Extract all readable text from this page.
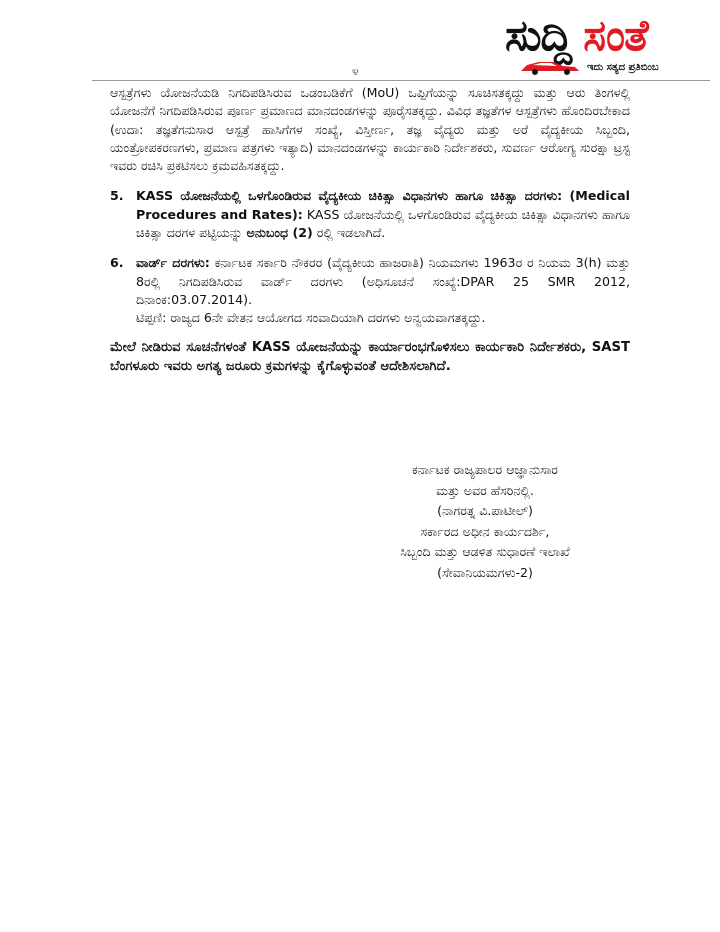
ಸುದ್ದಿ ಸಂತೆ
ಇದು ಸತ್ಯದ ಪ್ರತಿಬಿಂಬ
೪

ಆಸ್ಪತ್ರೆಗಳು ಯೋಜನೆಯಡಿ ನಿಗದಿಪಡಿಸಿರುವ ಒಡಂಬಡಿಕೆಗೆ (MoU) ಒಪ್ಪಿಗೆಯನ್ನು ಸೂಚಿಸತಕ್ಕದ್ದು ಮತ್ತು ಆರು ತಿಂಗಳಲ್ಲಿ ಯೋಜನೆಗೆ ನಿಗದಿಪಡಿಸಿರುವ ಪೂರ್ಣ ಪ್ರಮಾಣದ ಮಾನದಂಡಗಳನ್ನು ಪೂರೈಸತಕ್ಕದ್ದು. ವಿವಿಧ ತಜ್ಞತೆಗಳ ಆಸ್ಪತ್ರೆಗಳು ಹೊಂದಿರಬೇಕಾದ (ಉದಾ: ತಜ್ಞತೆಗನುಸಾರ ಆಸ್ಪತ್ರೆ ಹಾಸಿಗೆಗಳ ಸಂಖ್ಯೆ, ವಿಸ್ತೀರ್ಣ, ತಜ್ಞ ವೈದ್ಯರು ಮತ್ತು ಅರೆ ವೈದ್ಯಕೀಯ ಸಿಬ್ಬಂದಿ, ಯಂತ್ರೋಪಕರಣಗಳು, ಪ್ರಮಾಣ ಪತ್ರಗಳು ಇತ್ಯಾದಿ) ಮಾನದಂಡಗಳನ್ನು ಕಾರ್ಯಕಾರಿ ನಿರ್ದೇಶಕರು, ಸುವರ್ಣ ಆರೋಗ್ಯ ಸುರಕ್ಷಾ ಟ್ರಸ್ಟ ಇವರು ರಚಿಸಿ ಪ್ರಕಟಿಸಲು ಕ್ರಮವಹಿಸತಕ್ಕದ್ದು.

5. KASS ಯೋಜನೆಯಲ್ಲಿ ಒಳಗೊಂಡಿರುವ ವೈದ್ಯಕೀಯ ಚಿಕಿತ್ಸಾ ವಿಧಾನಗಳು ಹಾಗೂ ಚಿಕಿತ್ಸಾ ದರಗಳು: (Medical Procedures and Rates): KASS ಯೋಜನೆಯಲ್ಲಿ ಒಳಗೊಂಡಿರುವ ವೈದ್ಯಕೀಯ ಚಿಕಿತ್ಸಾ ವಿಧಾನಗಳು ಹಾಗೂ ಚಿಕಿತ್ಸಾ ದರಗಳ ಪಟ್ಟಿಯನ್ನು ಅನುಬಂಧ (2) ರಲ್ಲಿ ಇಡಲಾಗಿದೆ.

6. ವಾರ್ಡ್ ದರಗಳು: ಕರ್ನಾಟಕ ಸರ್ಕಾರಿ ನೌಕರರ (ವೈದ್ಯಕೀಯ ಹಾಜರಾತಿ) ನಿಯಮಗಳು 1963ರ ರ ನಿಯಮ 3(h) ಮತ್ತು 8ರಲ್ಲಿ ನಿಗದಿಪಡಿಸಿರುವ ವಾರ್ಡ್ ದರಗಳು (ಅಧಿಸೂಚನೆ ಸಂಖ್ಯೆ:DPAR 25 SMR 2012, ದಿನಾಂಕ:03.07.2014).

ಟಿಪ್ಪಣಿ: ರಾಜ್ಯದ 6ನೇ ವೇತನ ಆಯೋಗದ ಸಂವಾದಿಯಾಗಿ ದರಗಳು ಅನ್ವಯವಾಗತಕ್ಕದ್ದು.

ಮೇಲೆ ನೀಡಿರುವ ಸೂಚನೆಗಳಂತೆ KASS ಯೋಜನೆಯನ್ನು ಕಾರ್ಯಾರಂಭಗೊಳಿಸಲು ಕಾರ್ಯಕಾರಿ ನಿರ್ದೇಶಕರು, SAST ಬೆಂಗಳೂರು ಇವರು ಅಗತ್ಯ ಜರೂರು ಕ್ರಮಗಳನ್ನು ಕೈಗೊಳ್ಳುವಂತೆ ಆದೇಶಿಸಲಾಗಿದೆ.

ಕರ್ನಾಟಕ ರಾಜ್ಯಪಾಲರ ಆಜ್ಞಾನುಸಾರ
ಮತ್ತು ಅವರ ಹೆಸರಿನಲ್ಲಿ.
(ನಾಗರತ್ನ ವಿ.ಪಾಟೀಲ್)
ಸರ್ಕಾರದ ಅಧೀನ ಕಾರ್ಯದರ್ಶಿ,
ಸಿಬ್ಬಂದಿ ಮತ್ತು ಆಡಳಿತ ಸುಧಾರಣೆ ಇಲಾಖೆ
(ಸೇವಾನಿಯಮಗಳು-2)
